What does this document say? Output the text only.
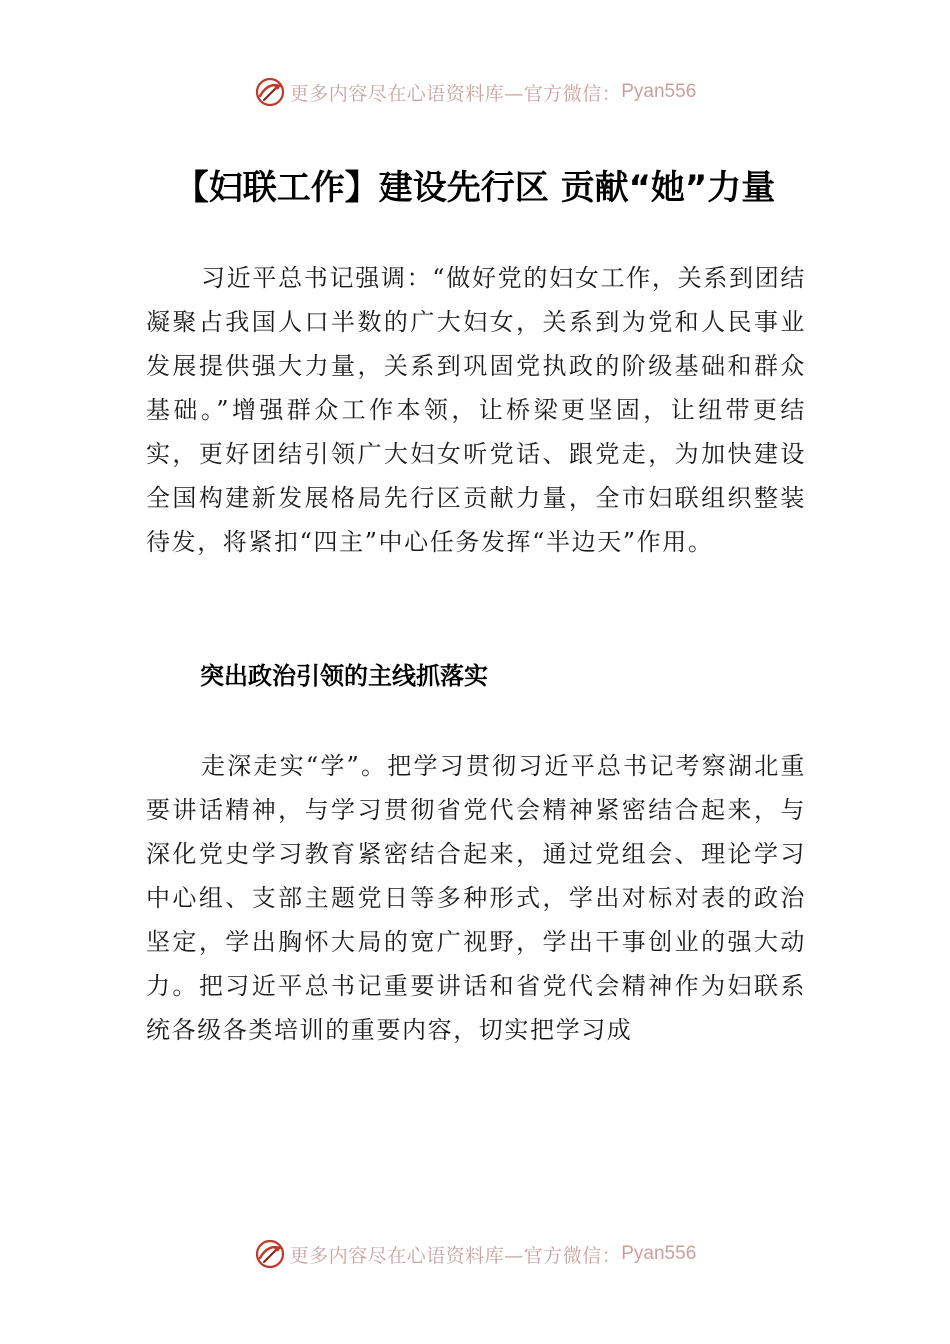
更多内容尽在心语资料库—官方微信： Pyan556
【妇联工作】建设先行区 贡献“她”力量

习近平总书记强调：“做好党的妇女工作，关系到团结凝聚占我国人口半数的广大妇女，关系到为党和人民事业发展提供强大力量，关系到巩固党执政的阶级基础和群众基础。”增强群众工作本领，让桥梁更坚固，让纽带更结实，更好团结引领广大妇女听党话、跟党走，为加快建设全国构建新发展格局先行区贡献力量，全市妇联组织整装待发，将紧扣“四主”中心任务发挥“半边天”作用。

突出政治引领的主线抓落实

走深走实“学”。把学习贯彻习近平总书记考察湖北重要讲话精神，与学习贯彻省党代会精神紧密结合起来，与深化党史学习教育紧密结合起来，通过党组会、理论学习中心组、支部主题党日等多种形式，学出对标对表的政治坚定，学出胸怀大局的宽广视野，学出干事创业的强大动力。把习近平总书记重要讲话和省党代会精神作为妇联系统各级各类培训的重要内容，切实把学习成

更多内容尽在心语资料库—官方微信： Pyan556
